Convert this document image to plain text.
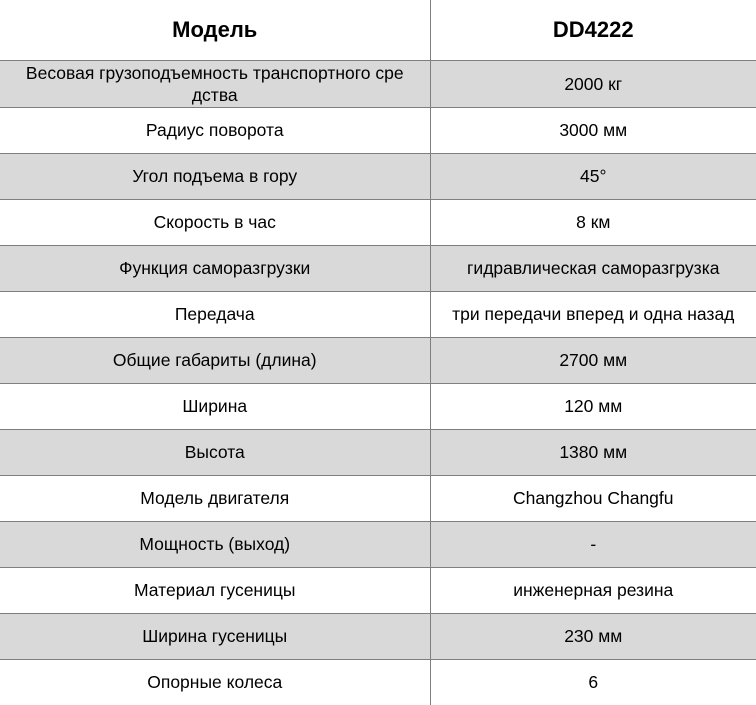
Модель	DD4222
Весовая грузоподъемность транспортного сре дства	2000 кг
Радиус поворота	3000 мм
Угол подъема в гору	45°
Скорость в час	8 км
Функция саморазгрузки	гидравлическая саморазгрузка
Передача	три передачи вперед и одна назад
Общие габариты (длина)	2700 мм
Ширина	120 мм
Высота	1380 мм
Модель двигателя	Changzhou Changfu
Мощность (выход)	-
Материал гусеницы	инженерная резина
Ширина гусеницы	230 мм
Опорные колеса	6
